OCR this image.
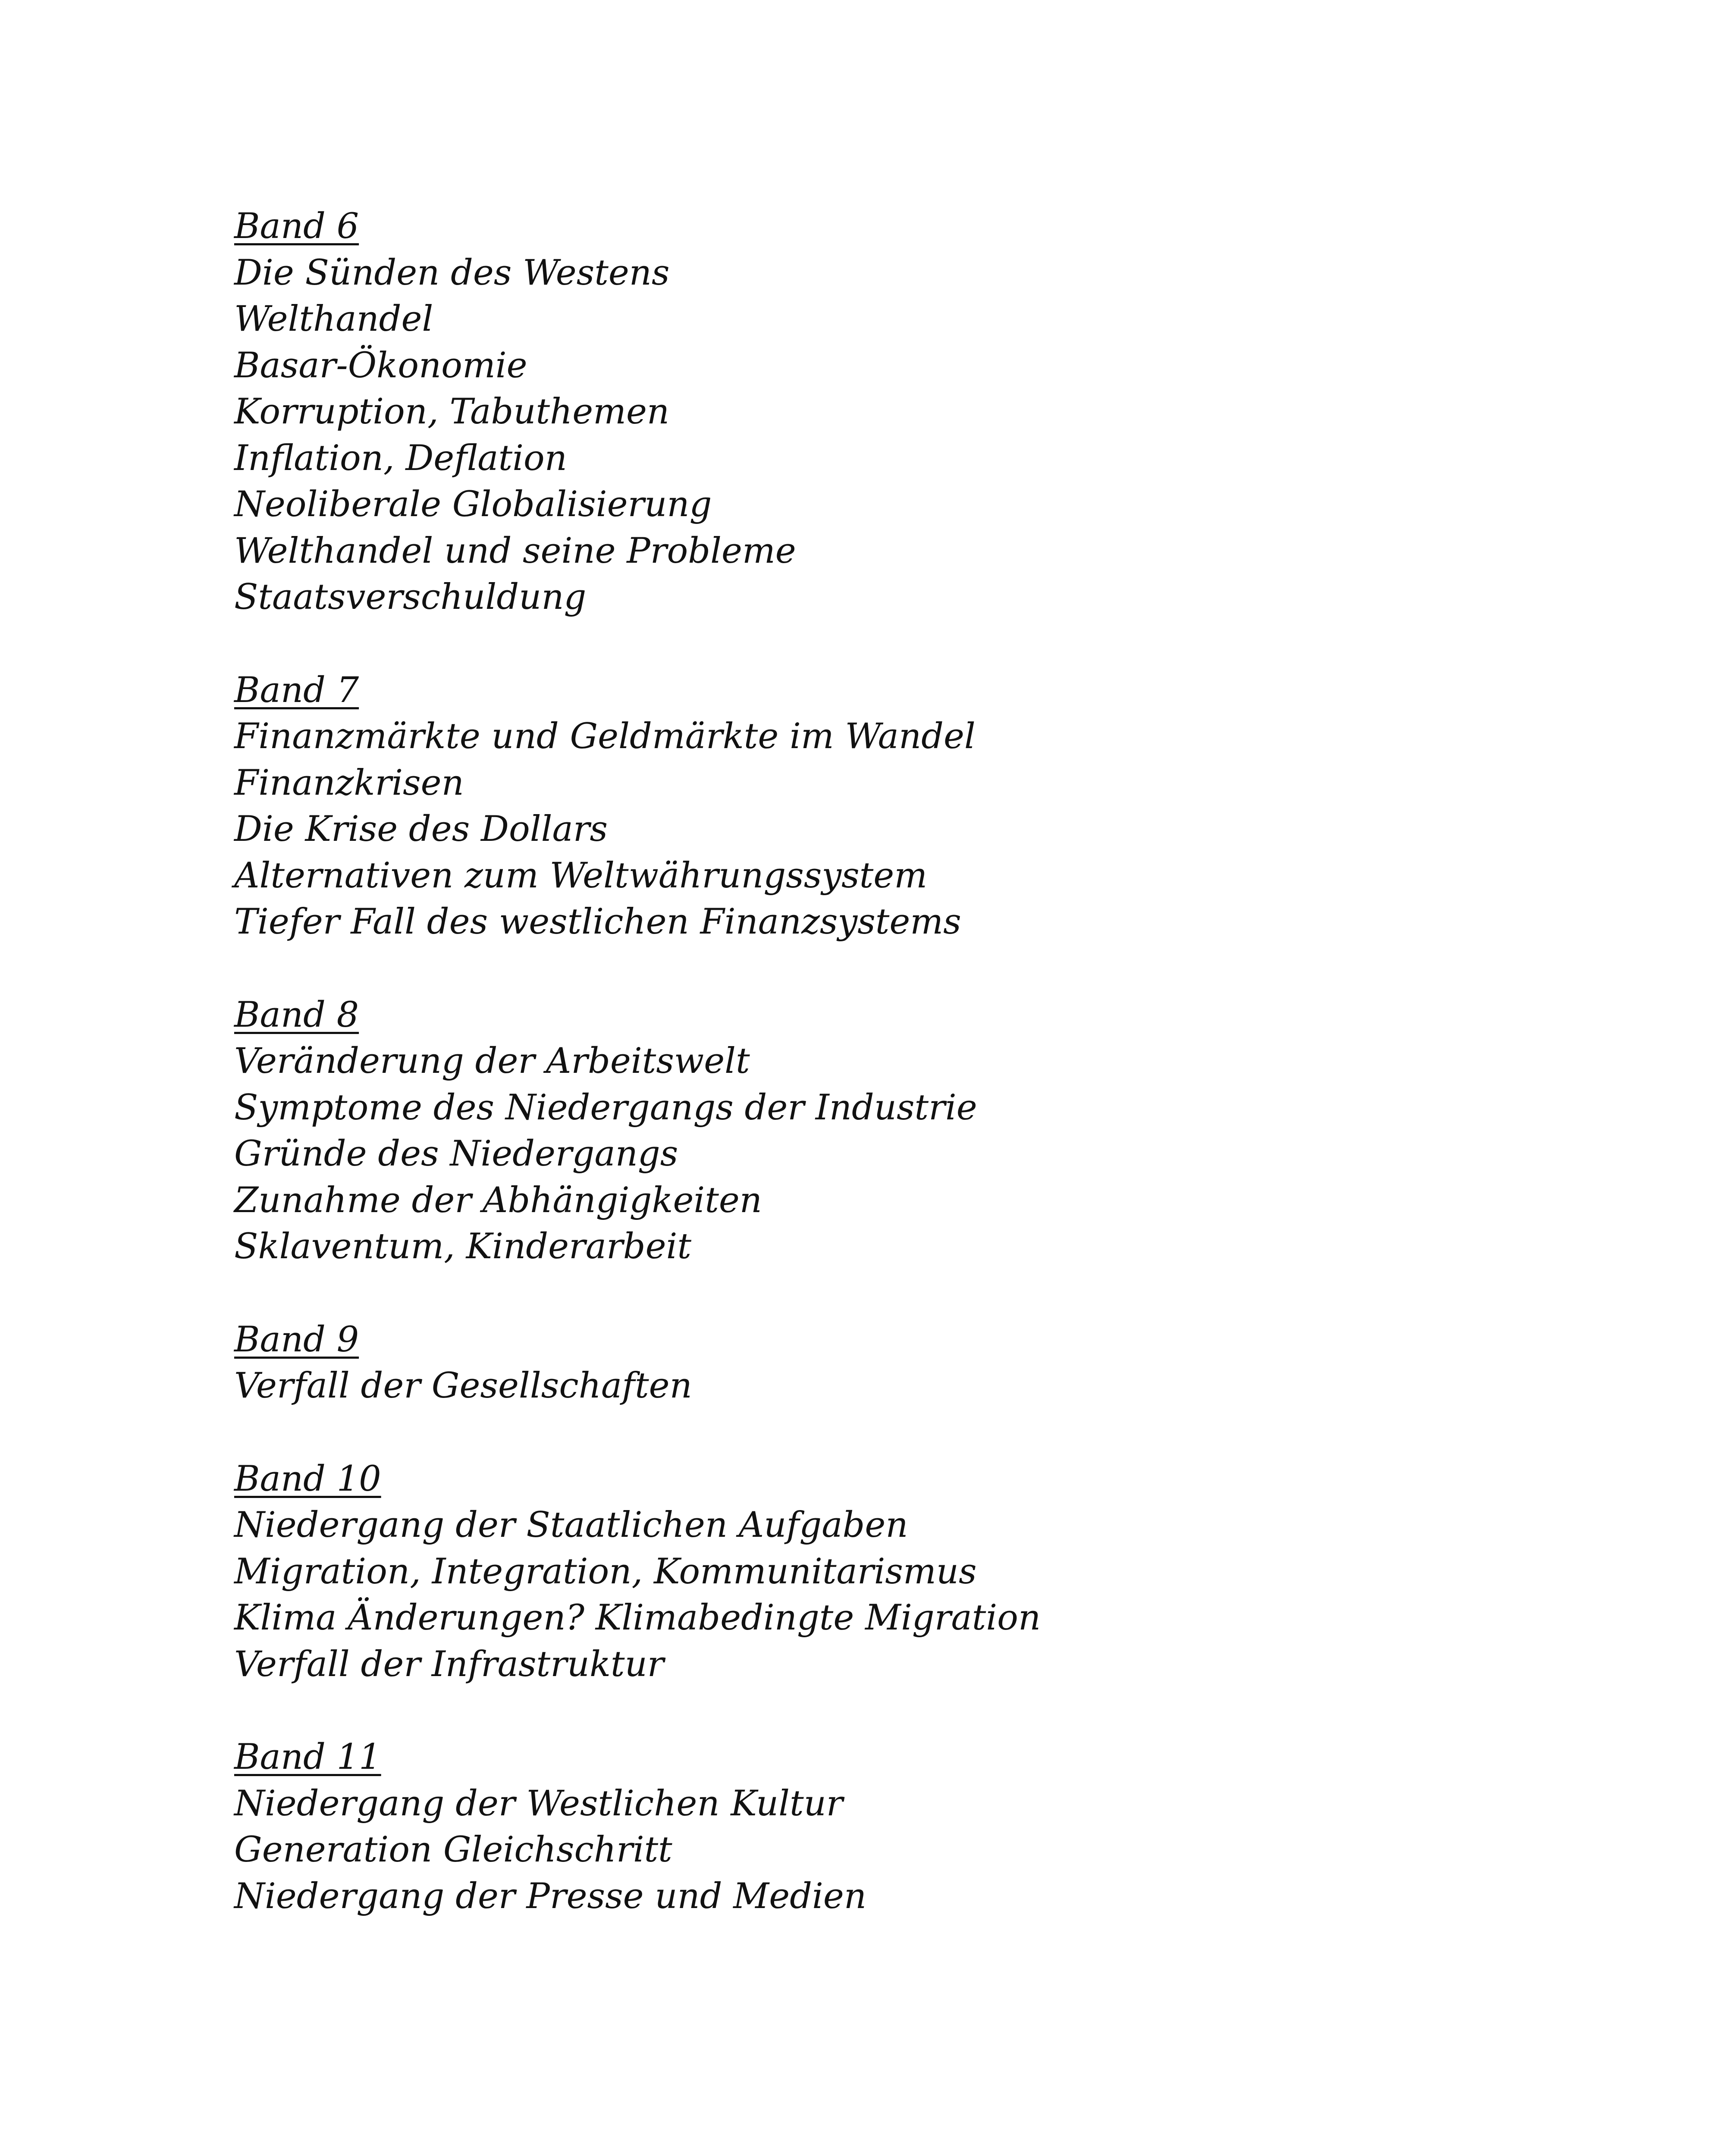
Band 6
Die Sünden des Westens
Welthandel
Basar-Ökonomie
Korruption, Tabuthemen
Inflation, Deflation
Neoliberale Globalisierung
Welthandel und seine Probleme
Staatsverschuldung
Band 7
Finanzmärkte und Geldmärkte im Wandel
Finanzkrisen
Die Krise des Dollars
Alternativen zum Weltwährungssystem
Tiefer Fall des westlichen Finanzsystems
Band 8
Veränderung der Arbeitswelt
Symptome des Niedergangs der Industrie
Gründe des Niedergangs
Zunahme der Abhängigkeiten
Sklaventum, Kinderarbeit
Band 9
Verfall der Gesellschaften
Band 10
Niedergang der Staatlichen Aufgaben
Migration, Integration, Kommunitarismus
Klima Änderungen? Klimabedingte Migration
Verfall der Infrastruktur
Band 11
Niedergang der Westlichen Kultur
Generation Gleichschritt
Niedergang der Presse und Medien
